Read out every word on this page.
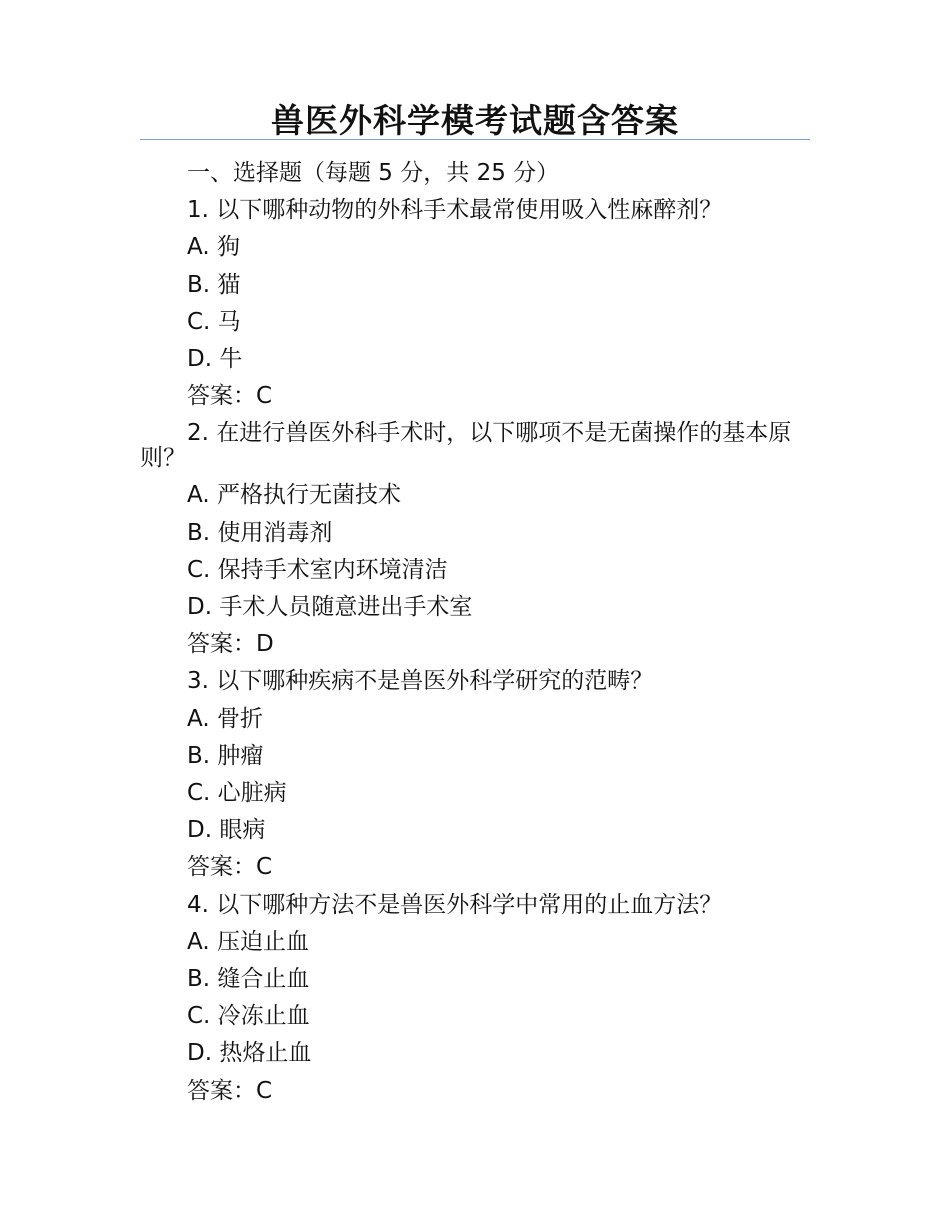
兽医外科学模考试题含答案

一、选择题（每题 5 分，共 25 分）

1. 以下哪种动物的外科手术最常使用吸入性麻醉剂？

A. 狗

B. 猫

C. 马

D. 牛

答案：C

2. 在进行兽医外科手术时，以下哪项不是无菌操作的基本原则？

A. 严格执行无菌技术

B. 使用消毒剂

C. 保持手术室内环境清洁

D. 手术人员随意进出手术室

答案：D

3. 以下哪种疾病不是兽医外科学研究的范畴？

A. 骨折

B. 肿瘤

C. 心脏病

D. 眼病

答案：C

4. 以下哪种方法不是兽医外科学中常用的止血方法？

A. 压迫止血

B. 缝合止血

C. 冷冻止血

D. 热烙止血

答案：C
